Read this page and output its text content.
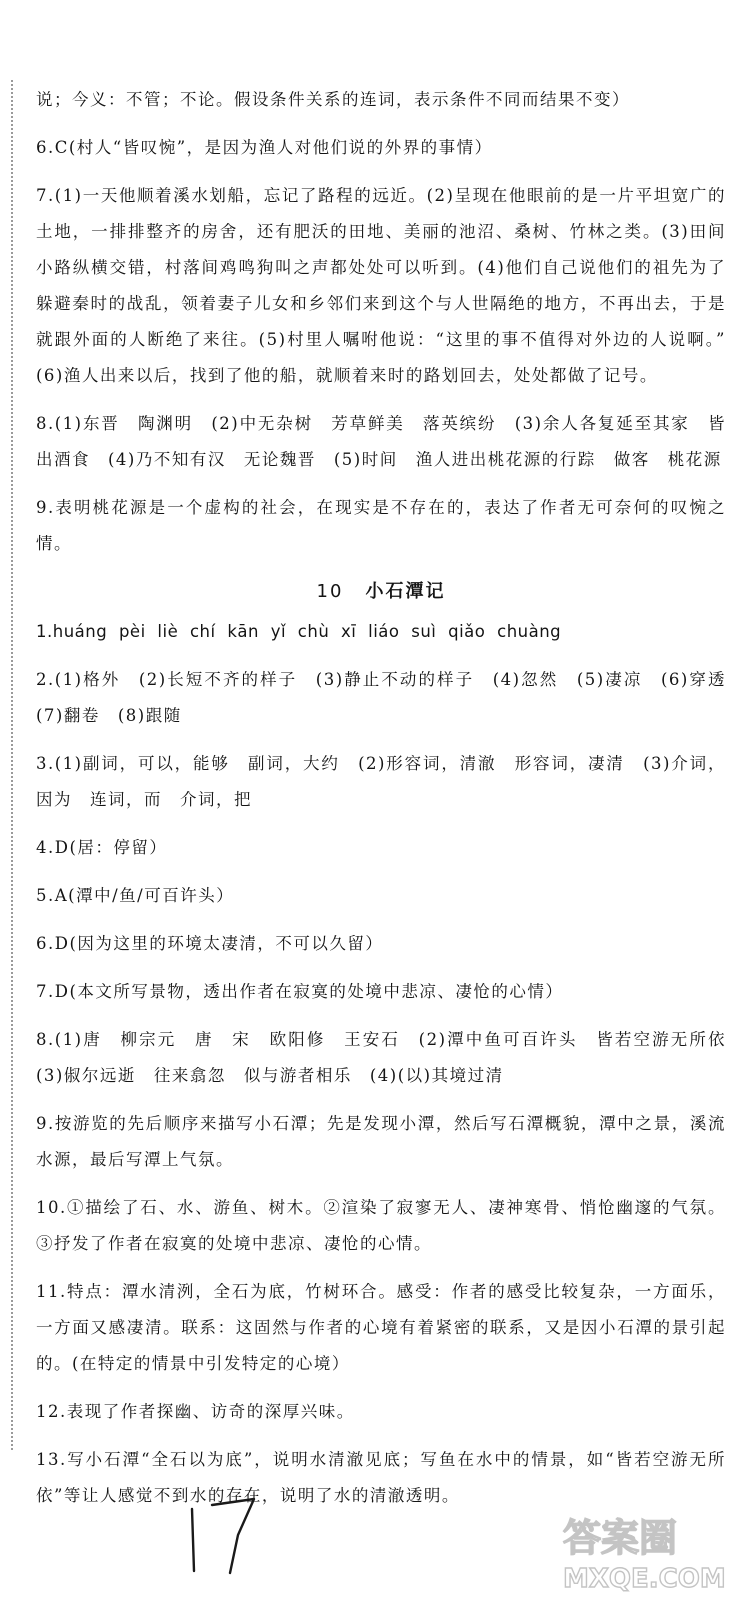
说；今义：不管；不论。假设条件关系的连词，表示条件不同而结果不变）

6.C(村人“皆叹惋”，是因为渔人对他们说的外界的事情）

7.(1)一天他顺着溪水划船，忘记了路程的远近。(2)呈现在他眼前的是一片平坦宽广的土地，一排排整齐的房舍，还有肥沃的田地、美丽的池沼、桑树、竹林之类。(3)田间小路纵横交错，村落间鸡鸣狗叫之声都处处可以听到。(4)他们自己说他们的祖先为了躲避秦时的战乱，领着妻子儿女和乡邻们来到这个与人世隔绝的地方，不再出去，于是就跟外面的人断绝了来往。(5)村里人嘱咐他说：“这里的事不值得对外边的人说啊。” (6)渔人出来以后，找到了他的船，就顺着来时的路划回去，处处都做了记号。

8.(1)东晋　陶渊明　(2)中无杂树　芳草鲜美　落英缤纷　(3)余人各复延至其家　皆出酒食　(4)乃不知有汉　无论魏晋　(5)时间　渔人进出桃花源的行踪　做客　桃花源

9.表明桃花源是一个虚构的社会，在现实是不存在的，表达了作者无可奈何的叹惋之情。

10 小石潭记

1.huáng pèi liè chí kān yǐ chù xī liáo suì qiǎo chuàng

2.(1)格外　(2)长短不齐的样子　(3)静止不动的样子　(4)忽然　(5)凄凉　(6)穿透　(7)翻卷　(8)跟随

3.(1)副词，可以，能够　副词，大约　(2)形容词，清澈　形容词，凄清　(3)介词，因为　连词，而　介词，把

4.D(居：停留）

5.A(潭中/鱼/可百许头）

6.D(因为这里的环境太凄清，不可以久留）

7.D(本文所写景物，透出作者在寂寞的处境中悲凉、凄怆的心情）

8.(1)唐　柳宗元　唐　宋　欧阳修　王安石　(2)潭中鱼可百许头　皆若空游无所依　(3)俶尔远逝　往来翕忽　似与游者相乐　(4)(以)其境过清

9.按游览的先后顺序来描写小石潭；先是发现小潭，然后写石潭概貌，潭中之景，溪流水源，最后写潭上气氛。

10.①描绘了石、水、游鱼、树木。②渲染了寂寥无人、凄神寒骨、悄怆幽邃的气氛。③抒发了作者在寂寞的处境中悲凉、凄怆的心情。

11.特点：潭水清洌，全石为底，竹树环合。感受：作者的感受比较复杂，一方面乐，一方面又感凄清。联系：这固然与作者的心境有着紧密的联系，又是因小石潭的景引起的。(在特定的情景中引发特定的心境）

12.表现了作者探幽、访奇的深厚兴味。

13.写小石潭“全石以为底”，说明水清澈见底；写鱼在水中的情景，如“皆若空游无所依”等让人感觉不到水的存在，说明了水的清澈透明。

答案圈
MXQE.COM
